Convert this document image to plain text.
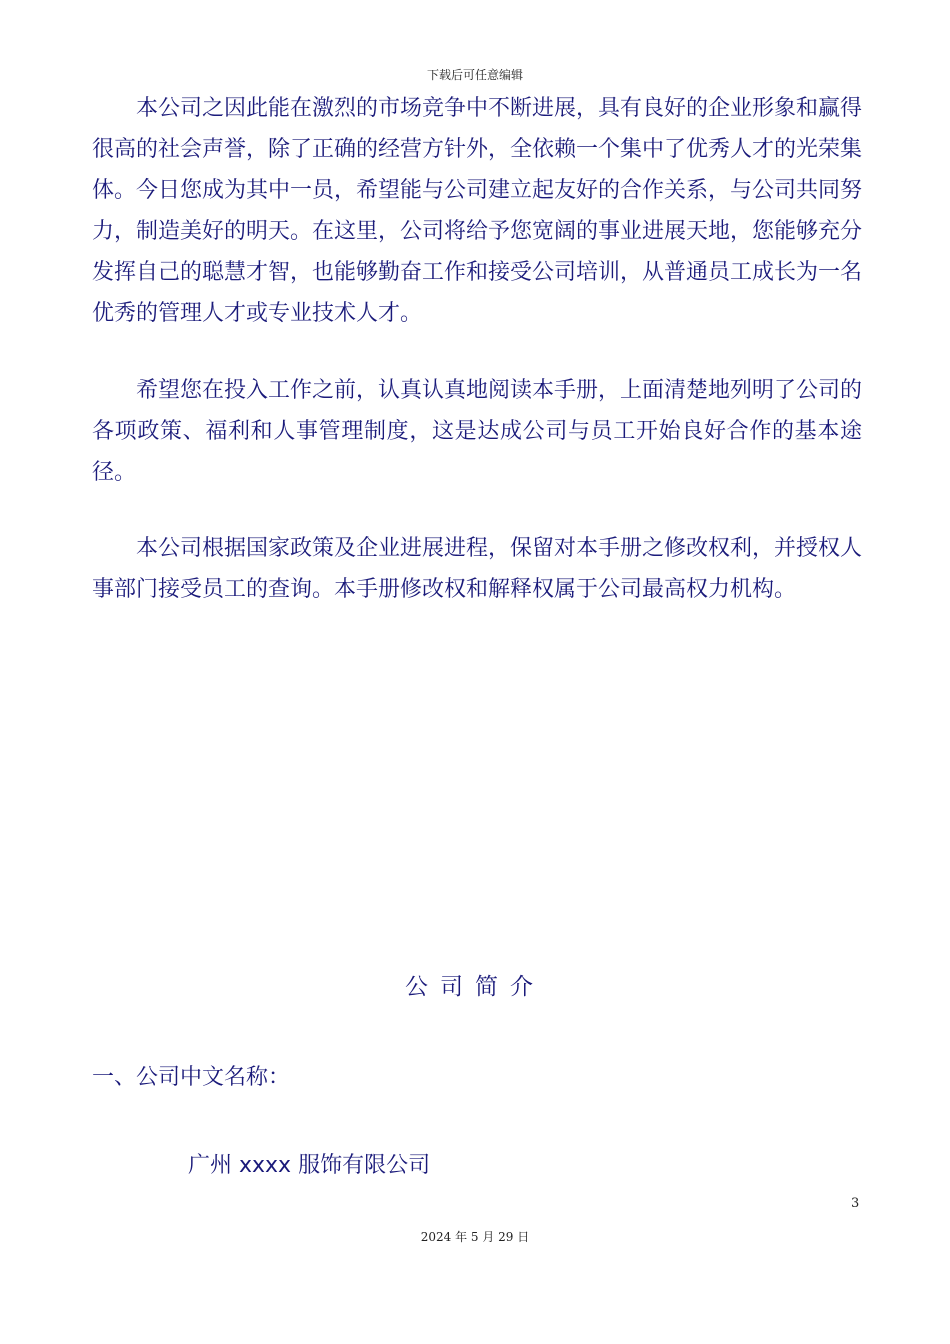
下载后可任意编辑

本公司之因此能在激烈的市场竞争中不断进展，具有良好的企业形象和赢得很高的社会声誉，除了正确的经营方针外，全依赖一个集中了优秀人才的光荣集体。今日您成为其中一员，希望能与公司建立起友好的合作关系，与公司共同努力，制造美好的明天。在这里，公司将给予您宽阔的事业进展天地，您能够充分发挥自己的聪慧才智，也能够勤奋工作和接受公司培训，从普通员工成长为一名优秀的管理人才或专业技术人才。

希望您在投入工作之前，认真认真地阅读本手册，上面清楚地列明了公司的各项政策、福利和人事管理制度，这是达成公司与员工开始良好合作的基本途径。

本公司根据国家政策及企业进展进程，保留对本手册之修改权利，并授权人事部门接受员工的查询。本手册修改权和解释权属于公司最高权力机构。

公司简介
一、公司中文名称：
广州 xxxx 服饰有限公司
3
2024 年 5 月 29 日
